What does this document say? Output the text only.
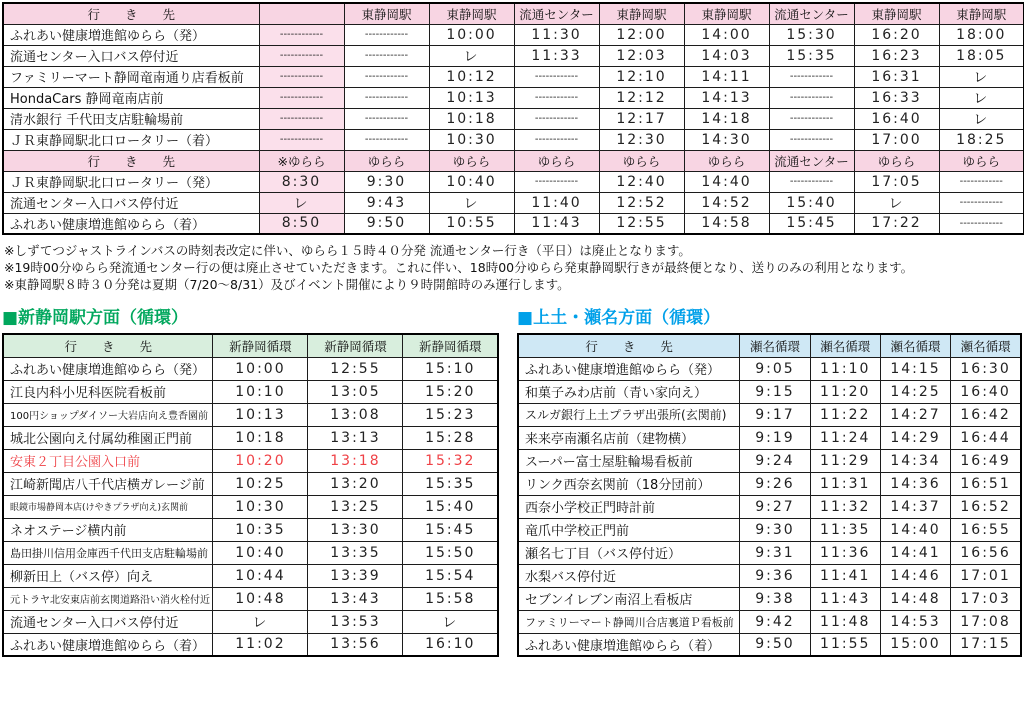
行　　き　　先		東静岡駅	東静岡駅	流通センター	東静岡駅	東静岡駅	流通センター	東静岡駅	東静岡駅
ふれあい健康増進館ゆらら（発）	------------	------------	10:00	11:30	12:00	14:00	15:30	16:20	18:00
流通センター入口バス停付近	------------	------------	レ	11:33	12:03	14:03	15:35	16:23	18:05
ファミリーマート静岡竜南通り店看板前	------------	------------	10:12	------------	12:10	14:11	------------	16:31	レ
HondaCars 静岡竜南店前	------------	------------	10:13	------------	12:12	14:13	------------	16:33	レ
清水銀行 千代田支店駐輪場前	------------	------------	10:18	------------	12:17	14:18	------------	16:40	レ
ＪＲ東静岡駅北口ロータリー（着）	------------	------------	10:30	------------	12:30	14:30	------------	17:00	18:25
行　　き　　先	※ゆらら	ゆらら	ゆらら	ゆらら	ゆらら	ゆらら	流通センター	ゆらら	ゆらら
ＪＲ東静岡駅北口ロータリー（発）	8:30	9:30	10:40	------------	12:40	14:40	------------	17:05	------------
流通センター入口バス停付近	レ	9:43	レ	11:40	12:52	14:52	15:40	レ	------------
ふれあい健康増進館ゆらら（着）	8:50	9:50	10:55	11:43	12:55	14:58	15:45	17:22	------------
※しずてつジャストラインバスの時刻表改定に伴い、ゆらら１５時４０分発 流通センター行き（平日）は廃止となります。
※19時00分ゆらら発流通センター行の便は廃止させていただきます。これに伴い、18時00分ゆらら発東静岡駅行きが最終便となり、送りのみの利用となります。
※東静岡駅８時３０分発は夏期（7/20～8/31）及びイベント開催により９時開館時のみ運行します。
■新静岡駅方面（循環）
行　　き　　先	新静岡循環	新静岡循環	新静岡循環
ふれあい健康増進館ゆらら（発）	10:00	12:55	15:10
江良内科小児科医院看板前	10:10	13:05	15:20
100円ショップダイソー大岩店向え豊香園前	10:13	13:08	15:23
城北公園向え付属幼稚園正門前	10:18	13:13	15:28
安東２丁目公園入口前	10:20	13:18	15:32
江崎新聞店八千代店横ガレージ前	10:25	13:20	15:35
眼鏡市場静岡本店(けやきプラザ向え)玄関前	10:30	13:25	15:40
ネオステージ横内前	10:35	13:30	15:45
島田掛川信用金庫西千代田支店駐輪場前	10:40	13:35	15:50
柳新田上（バス停）向え	10:44	13:39	15:54
元トラヤ北安東店前玄関道路沿い消火栓付近	10:48	13:43	15:58
流通センター入口バス停付近	レ	13:53	レ
ふれあい健康増進館ゆらら（着）	11:02	13:56	16:10
■上土・瀬名方面（循環）
行　　き　　先	瀬名循環	瀬名循環	瀬名循環	瀬名循環
ふれあい健康増進館ゆらら（発）	9:05	11:10	14:15	16:30
和菓子みわ店前（青い家向え）	9:15	11:20	14:25	16:40
スルガ銀行上土プラザ出張所(玄関前)	9:17	11:22	14:27	16:42
来来亭南瀬名店前（建物横）	9:19	11:24	14:29	16:44
スーパー富士屋駐輪場看板前	9:24	11:29	14:34	16:49
リンク西奈玄関前（18分団前）	9:26	11:31	14:36	16:51
西奈小学校正門時計前	9:27	11:32	14:37	16:52
竜爪中学校正門前	9:30	11:35	14:40	16:55
瀬名七丁目（バス停付近）	9:31	11:36	14:41	16:56
水梨バス停付近	9:36	11:41	14:46	17:01
セブンイレブン南沼上看板店	9:38	11:43	14:48	17:03
ファミリーマート静岡川合店裏道Ｐ看板前	9:42	11:48	14:53	17:08
ふれあい健康増進館ゆらら（着）	9:50	11:55	15:00	17:15
